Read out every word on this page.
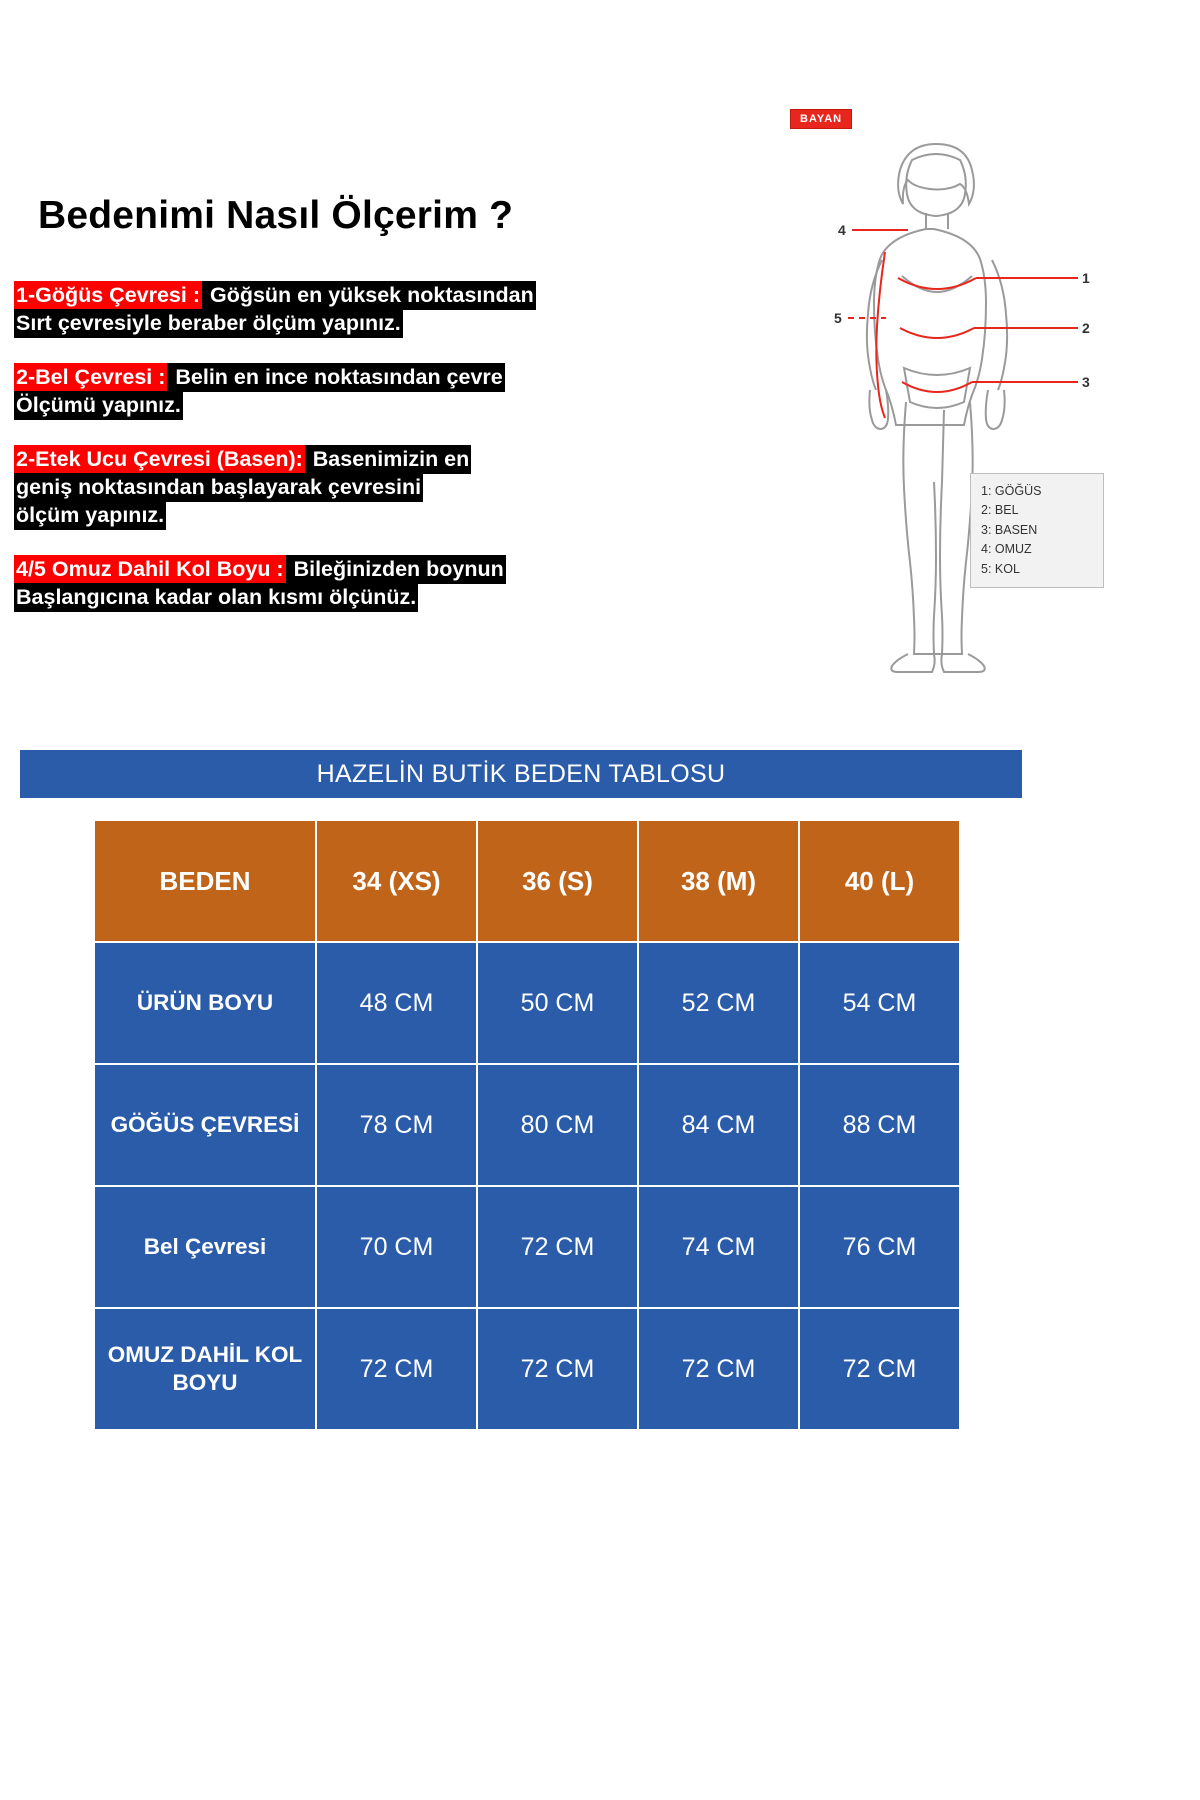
Bedenimi Nasıl Ölçerim ?
1-Göğüs Çevresi : Göğsün en yüksek noktasından
Sırt çevresiyle beraber ölçüm yapınız.
2-Bel Çevresi : Belin en ince noktasından çevre
Ölçümü yapınız.
2-Etek Ucu Çevresi (Basen): Basenimizin en
geniş noktasından başlayarak çevresini
ölçüm yapınız.
4/5 Omuz Dahil Kol Boyu : Bileğinizden boynun
Başlangıcına kadar olan kısmı ölçünüz.
BAYAN
1
2
3
4
5
1: GÖĞÜS
2: BEL
3: BASEN
4: OMUZ
5: KOL
HAZELİN BUTİK BEDEN TABLOSU
BEDEN	34 (XS)	36 (S)	38 (M)	40 (L)
ÜRÜN BOYU	48 CM	50 CM	52 CM	54 CM
GÖĞÜS ÇEVRESİ	78 CM	80 CM	84 CM	88 CM
Bel Çevresi	70 CM	72 CM	74 CM	76 CM
OMUZ DAHİL KOL BOYU	72 CM	72 CM	72 CM	72 CM
